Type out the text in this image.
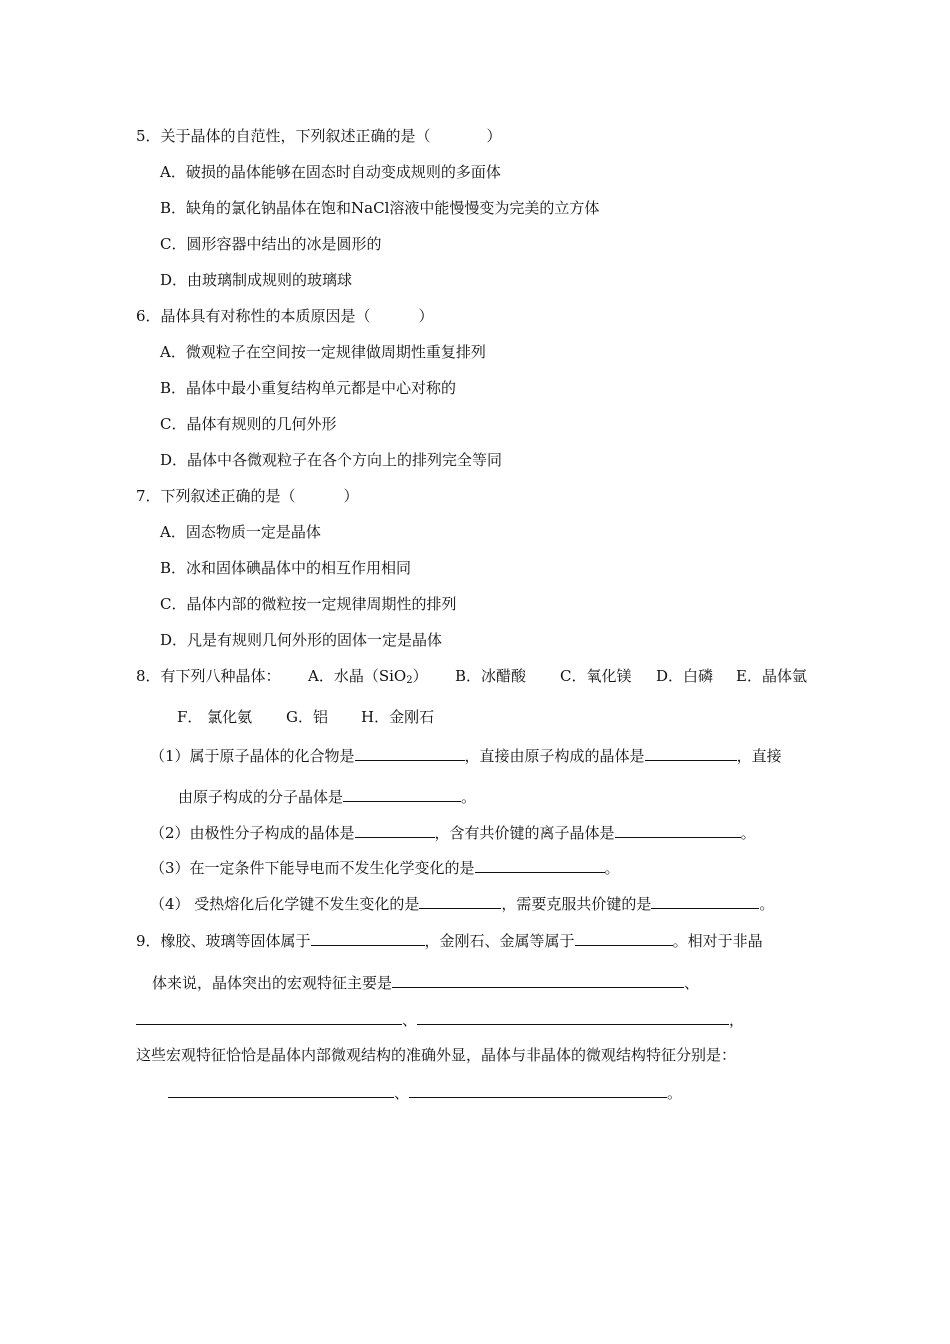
5．关于晶体的自范性，下列叙述正确的是（	）
A．破损的晶体能够在固态时自动变成规则的多面体
B．缺角的氯化钠晶体在饱和NaCl溶液中能慢慢变为完美的立方体
C．圆形容器中结出的冰是圆形的
D．由玻璃制成规则的玻璃球
6．晶体具有对称性的本质原因是（	）
A．微观粒子在空间按一定规律做周期性重复排列
B．晶体中最小重复结构单元都是中心对称的
C．晶体有规则的几何外形
D．晶体中各微观粒子在各个方向上的排列完全等同
7．下列叙述正确的是（	）
A．固态物质一定是晶体
B．冰和固体碘晶体中的相互作用相同
C．晶体内部的微粒按一定规律周期性的排列
D．凡是有规则几何外形的固体一定是晶体
8．有下列八种晶体： A．水晶（SiO$_2$） B．冰醋酸 C．氧化镁 D．白磷 E．晶体氩
F． 氯化氨 G．铝 H．金刚石
（1）属于原子晶体的化合物是	，直接由原子构成的晶体是	，直接
由原子构成的分子晶体是	。
（2）由极性分子构成的晶体是	，含有共价键的离子晶体是	。
（3）在一定条件下能导电而不发生化学变化的是	。
（4） 受热熔化后化学键不发生变化的是	，需要克服共价键的是	。
9．橡胶、玻璃等固体属于	，金刚石、金属等属于	。相对于非晶
体来说，晶体突出的宏观特征主要是	、
、	，
这些宏观特征恰恰是晶体内部微观结构的准确外显，晶体与非晶体的微观结构特征分别是：
、	。
